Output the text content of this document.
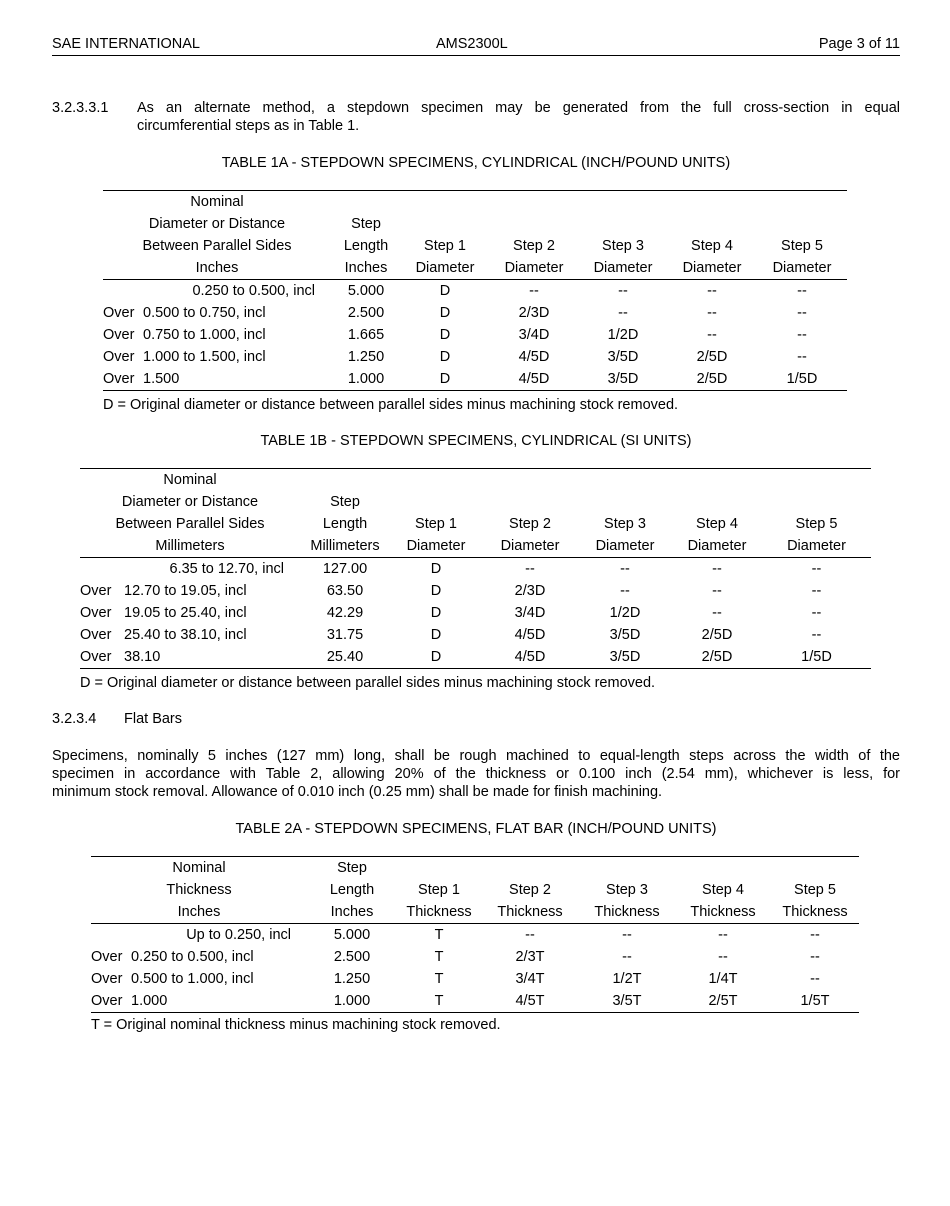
SAE INTERNATIONAL	AMS2300L	Page 3 of 11
3.2.3.3.1 As an alternate method, a stepdown specimen may be generated from the full cross-section in equal
circumferential steps as in Table 1.
TABLE 1A - STEPDOWN SPECIMENS, CYLINDRICAL (INCH/POUND UNITS)
Nominal							
Diameter or Distance		Step					
Between Parallel Sides		Length	Step 1	Step 2	Step 3	Step 4	Step 5
Inches		Inches	Diameter	Diameter	Diameter	Diameter	Diameter
	0.250 to 0.500, incl	5.000	D	--	--	--	--
Over	0.500 to 0.750, incl	2.500	D	2/3D	--	--	--
Over	0.750 to 1.000, incl	1.665	D	3/4D	1/2D	--	--
Over	1.000 to 1.500, incl	1.250	D	4/5D	3/5D	2/5D	--
Over	1.500	1.000	D	4/5D	3/5D	2/5D	1/5D
D = Original diameter or distance between parallel sides minus machining stock removed.
TABLE 1B - STEPDOWN SPECIMENS, CYLINDRICAL (SI UNITS)
Nominal							
Diameter or Distance		Step					
Between Parallel Sides		Length	Step 1	Step 2	Step 3	Step 4	Step 5
Millimeters		Millimeters	Diameter	Diameter	Diameter	Diameter	Diameter
	6.35 to 12.70, incl	127.00	D	--	--	--	--
Over	12.70 to 19.05, incl	63.50	D	2/3D	--	--	--
Over	19.05 to 25.40, incl	42.29	D	3/4D	1/2D	--	--
Over	25.40 to 38.10, incl	31.75	D	4/5D	3/5D	2/5D	--
Over	38.10	25.40	D	4/5D	3/5D	2/5D	1/5D
D = Original diameter or distance between parallel sides minus machining stock removed.
3.2.3.4 Flat Bars
Specimens, nominally 5 inches (127 mm) long, shall be rough machined to equal-length steps across the width of the
specimen in accordance with Table 2, allowing 20% of the thickness or 0.100 inch (2.54 mm), whichever is less, for
minimum stock removal. Allowance of 0.010 inch (0.25 mm) shall be made for finish machining.
TABLE 2A - STEPDOWN SPECIMENS, FLAT BAR (INCH/POUND UNITS)
Nominal		Step					
Thickness		Length	Step 1	Step 2	Step 3	Step 4	Step 5
Inches		Inches	Thickness	Thickness	Thickness	Thickness	Thickness
	Up to 0.250, incl	5.000	T	--	--	--	--
Over	0.250 to 0.500, incl	2.500	T	2/3T	--	--	--
Over	0.500 to 1.000, incl	1.250	T	3/4T	1/2T	1/4T	--
Over	1.000	1.000	T	4/5T	3/5T	2/5T	1/5T
T = Original nominal thickness minus machining stock removed.
